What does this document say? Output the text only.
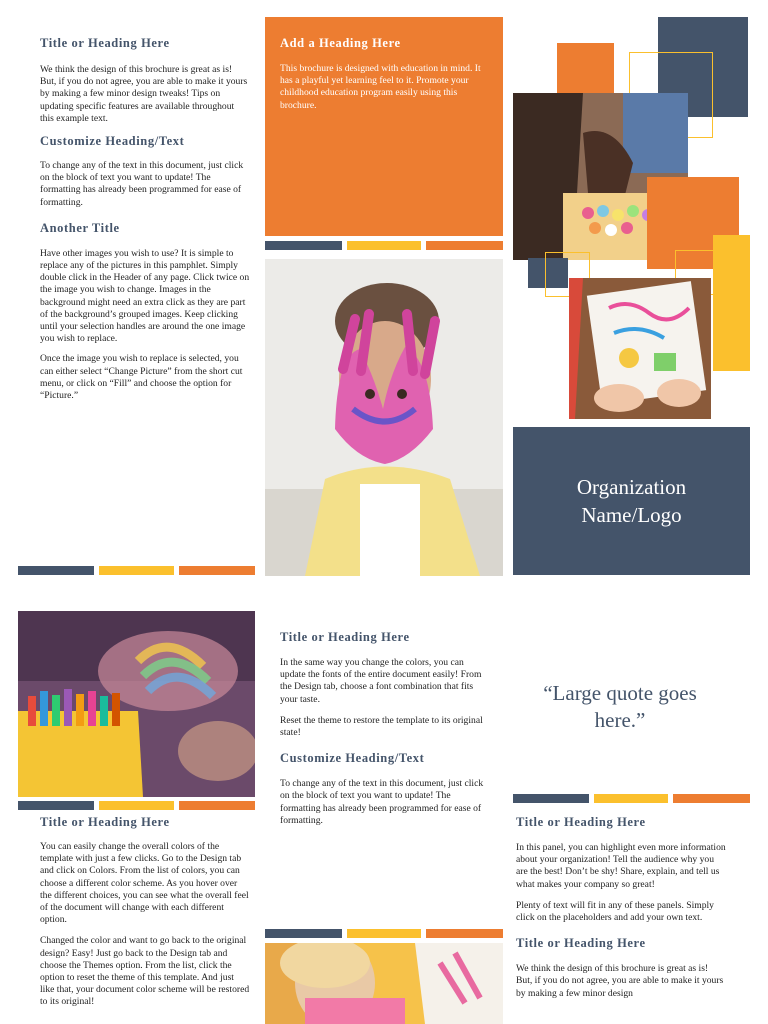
Title or Heading Here

We think the design of this brochure is great as is! But, if you do not agree, you are able to make it yours by making a few minor design tweaks! Tips on updating specific features are available throughout this example text.

Customize Heading/Text

To change any of the text in this document, just click on the block of text you want to update! The formatting has already been programmed for ease of formatting.

Another Title

Have other images you wish to use? It is simple to replace any of the pictures in this pamphlet. Simply double click in the Header of any page. Click twice on the image you wish to change. Images in the background might need an extra click as they are part of the background’s grouped images. Keep clicking until your selection handles are around the one image you wish to replace.

Once the image you wish to replace is selected, you can either select “Change Picture” from the short cut menu, or click on “Fill” and choose the option for “Picture.”

Add a Heading Here

This brochure is designed with education in mind. It has a playful yet learning feel to it. Promote your childhood education program easily using this brochure.

Organization Name/Logo
Title or Heading Here

You can easily change the overall colors of the template with just a few clicks. Go to the Design tab and click on Colors. From the list of colors, you can choose a different color scheme. As you hover over the different choices, you can see what the overall feel of the document will change with each different option.

Changed the color and want to go back to the original design? Easy! Just go back to the Design tab and choose the Themes option. From the list, click the option to reset the theme of this template. And just like that, your document color scheme will be restored to its original!

Title or Heading Here

In the same way you change the colors, you can update the fonts of the entire document easily! From the Design tab, choose a font combination that fits your taste.

Reset the theme to restore the template to its original state!

Customize Heading/Text

To change any of the text in this document, just click on the block of text you want to update! The formatting has already been programmed for ease of formatting.

“Large quote goes here.”
Title or Heading Here

In this panel, you can highlight even more information about your organization! Tell the audience why you are the best! Don’t be shy! Share, explain, and tell us what makes your company so great!

Plenty of text will fit in any of these panels. Simply click on the placeholders and add your own text.

Title or Heading Here

We think the design of this brochure is great as is! But, if you do not agree, you are able to make it yours by making a few minor design
